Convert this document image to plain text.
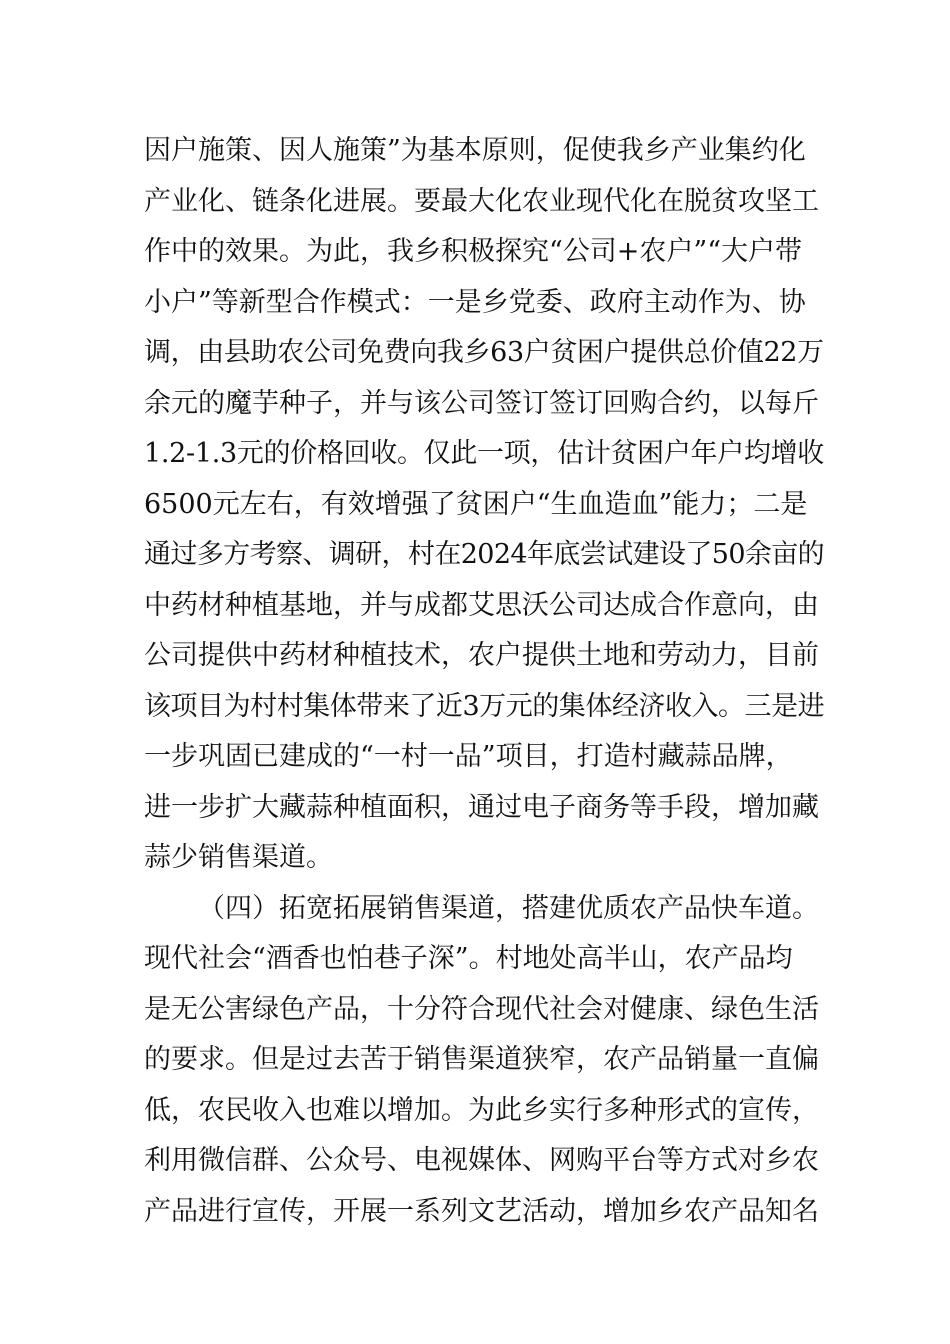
因户施策、因人施策”为基本原则，促使我乡产业集约化
产业化、链条化进展。要最大化农业现代化在脱贫攻坚工
作中的效果。为此，我乡积极探究“公司+农户”“大户带
小户”等新型合作模式：一是乡党委、政府主动作为、协
调，由县助农公司免费向我乡63户贫困户提供总价值22万
余元的魔芋种子，并与该公司签订签订回购合约，以每斤
1.2-1.3元的价格回收。仅此一项，估计贫困户年户均增收
6500元左右，有效增强了贫困户“生血造血”能力；二是
通过多方考察、调研，村在2024年底尝试建设了50余亩的
中药材种植基地，并与成都艾思沃公司达成合作意向，由
公司提供中药材种植技术，农户提供土地和劳动力，目前
该项目为村村集体带来了近3万元的集体经济收入。三是进
一步巩固已建成的“一村一品”项目，打造村藏蒜品牌，
进一步扩大藏蒜种植面积，通过电子商务等手段，增加藏
蒜少销售渠道。
（四）拓宽拓展销售渠道，搭建优质农产品快车道。
现代社会“酒香也怕巷子深”。村地处高半山，农产品均
是无公害绿色产品，十分符合现代社会对健康、绿色生活
的要求。但是过去苦于销售渠道狭窄，农产品销量一直偏
低，农民收入也难以增加。为此乡实行多种形式的宣传，
利用微信群、公众号、电视媒体、网购平台等方式对乡农
产品进行宣传，开展一系列文艺活动，增加乡农产品知名
